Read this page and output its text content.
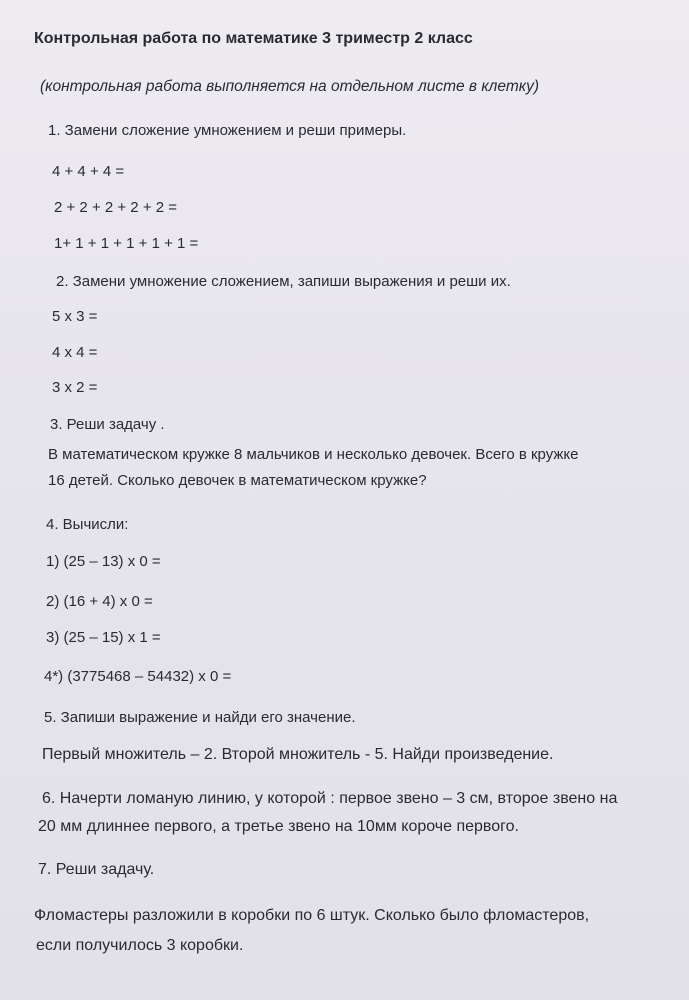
Контрольная работа по математике 3 триместр 2 класс
(контрольная работа выполняется на отдельном листе в клетку)
1. Замени сложение умножением и реши примеры.
4 + 4 + 4 =
2 + 2 + 2 + 2 + 2 =
1+ 1 + 1 + 1 + 1 + 1 =
2. Замени умножение сложением, запиши выражения и реши их.
5 х 3 =
4 х 4 =
3 х 2 =
3. Реши задачу .
В математическом кружке 8 мальчиков и несколько девочек. Всего в кружке
16 детей. Сколько девочек в математическом кружке?
4. Вычисли:
1) (25 – 13) х 0 =
2) (16 + 4) х 0 =
3) (25 – 15) х 1 =
4*) (3775468 – 54432) х 0 =
5. Запиши выражение и найди его значение.
Первый множитель – 2. Второй множитель - 5. Найди произведение.
6. Начерти ломаную линию, у которой : первое звено – 3 см, второе звено на
20 мм длиннее первого, а третье звено на 10мм короче первого.
7. Реши задачу.
Фломастеры разложили в коробки по 6 штук. Сколько было фломастеров,
если получилось 3 коробки.
